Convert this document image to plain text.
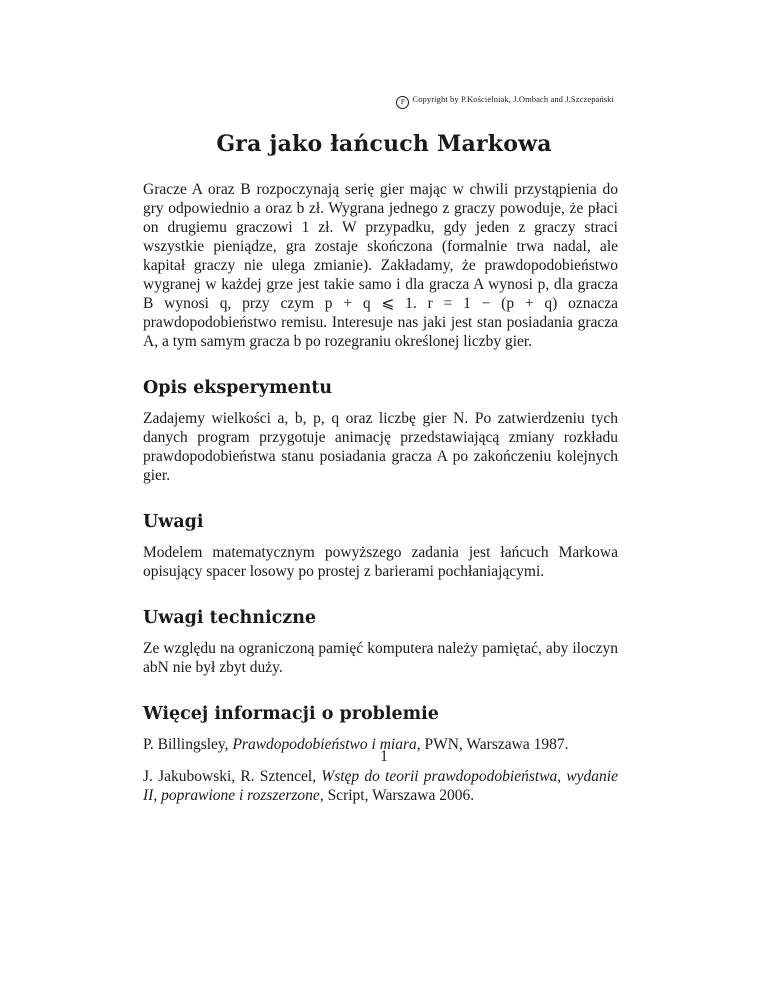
P Copyright by P.Kościelniak, J.Ombach and J.Szczepański
Gra jako łańcuch Markowa

Gracze A oraz B rozpoczynają serię gier mając w chwili przystąpienia do gry odpowiednio a oraz b zł. Wygrana jednego z graczy powoduje, że płaci on drugiemu graczowi 1 zł. W przypadku, gdy jeden z graczy straci wszystkie pieniądze, gra zostaje skończona (formalnie trwa nadal, ale kapitał graczy nie ulega zmianie). Zakładamy, że prawdopodobieństwo wygranej w każdej grze jest takie samo i dla gracza A wynosi p, dla gracza B wynosi q, przy czym p + q ⩽ 1. r = 1 − (p + q) oznacza prawdopodobieństwo remisu. Interesuje nas jaki jest stan posiadania gracza A, a tym samym gracza b po rozegraniu określonej liczby gier.

Opis eksperymentu

Zadajemy wielkości a, b, p, q oraz liczbę gier N. Po zatwierdzeniu tych danych program przygotuje animację przedstawiającą zmiany rozkładu prawdopodobieństwa stanu posiadania gracza A po zakończeniu kolejnych gier.

Uwagi

Modelem matematycznym powyższego zadania jest łańcuch Markowa opisujący spacer losowy po prostej z barierami pochłaniającymi.

Uwagi techniczne

Ze względu na ograniczoną pamięć komputera należy pamiętać, aby iloczyn abN nie był zbyt duży.

Więcej informacji o problemie

P. Billingsley, Prawdopodobieństwo i miara, PWN, Warszawa 1987.

J. Jakubowski, R. Sztencel, Wstęp do teorii prawdopodobieństwa, wydanie II, poprawione i rozszerzone, Script, Warszawa 2006.

1
